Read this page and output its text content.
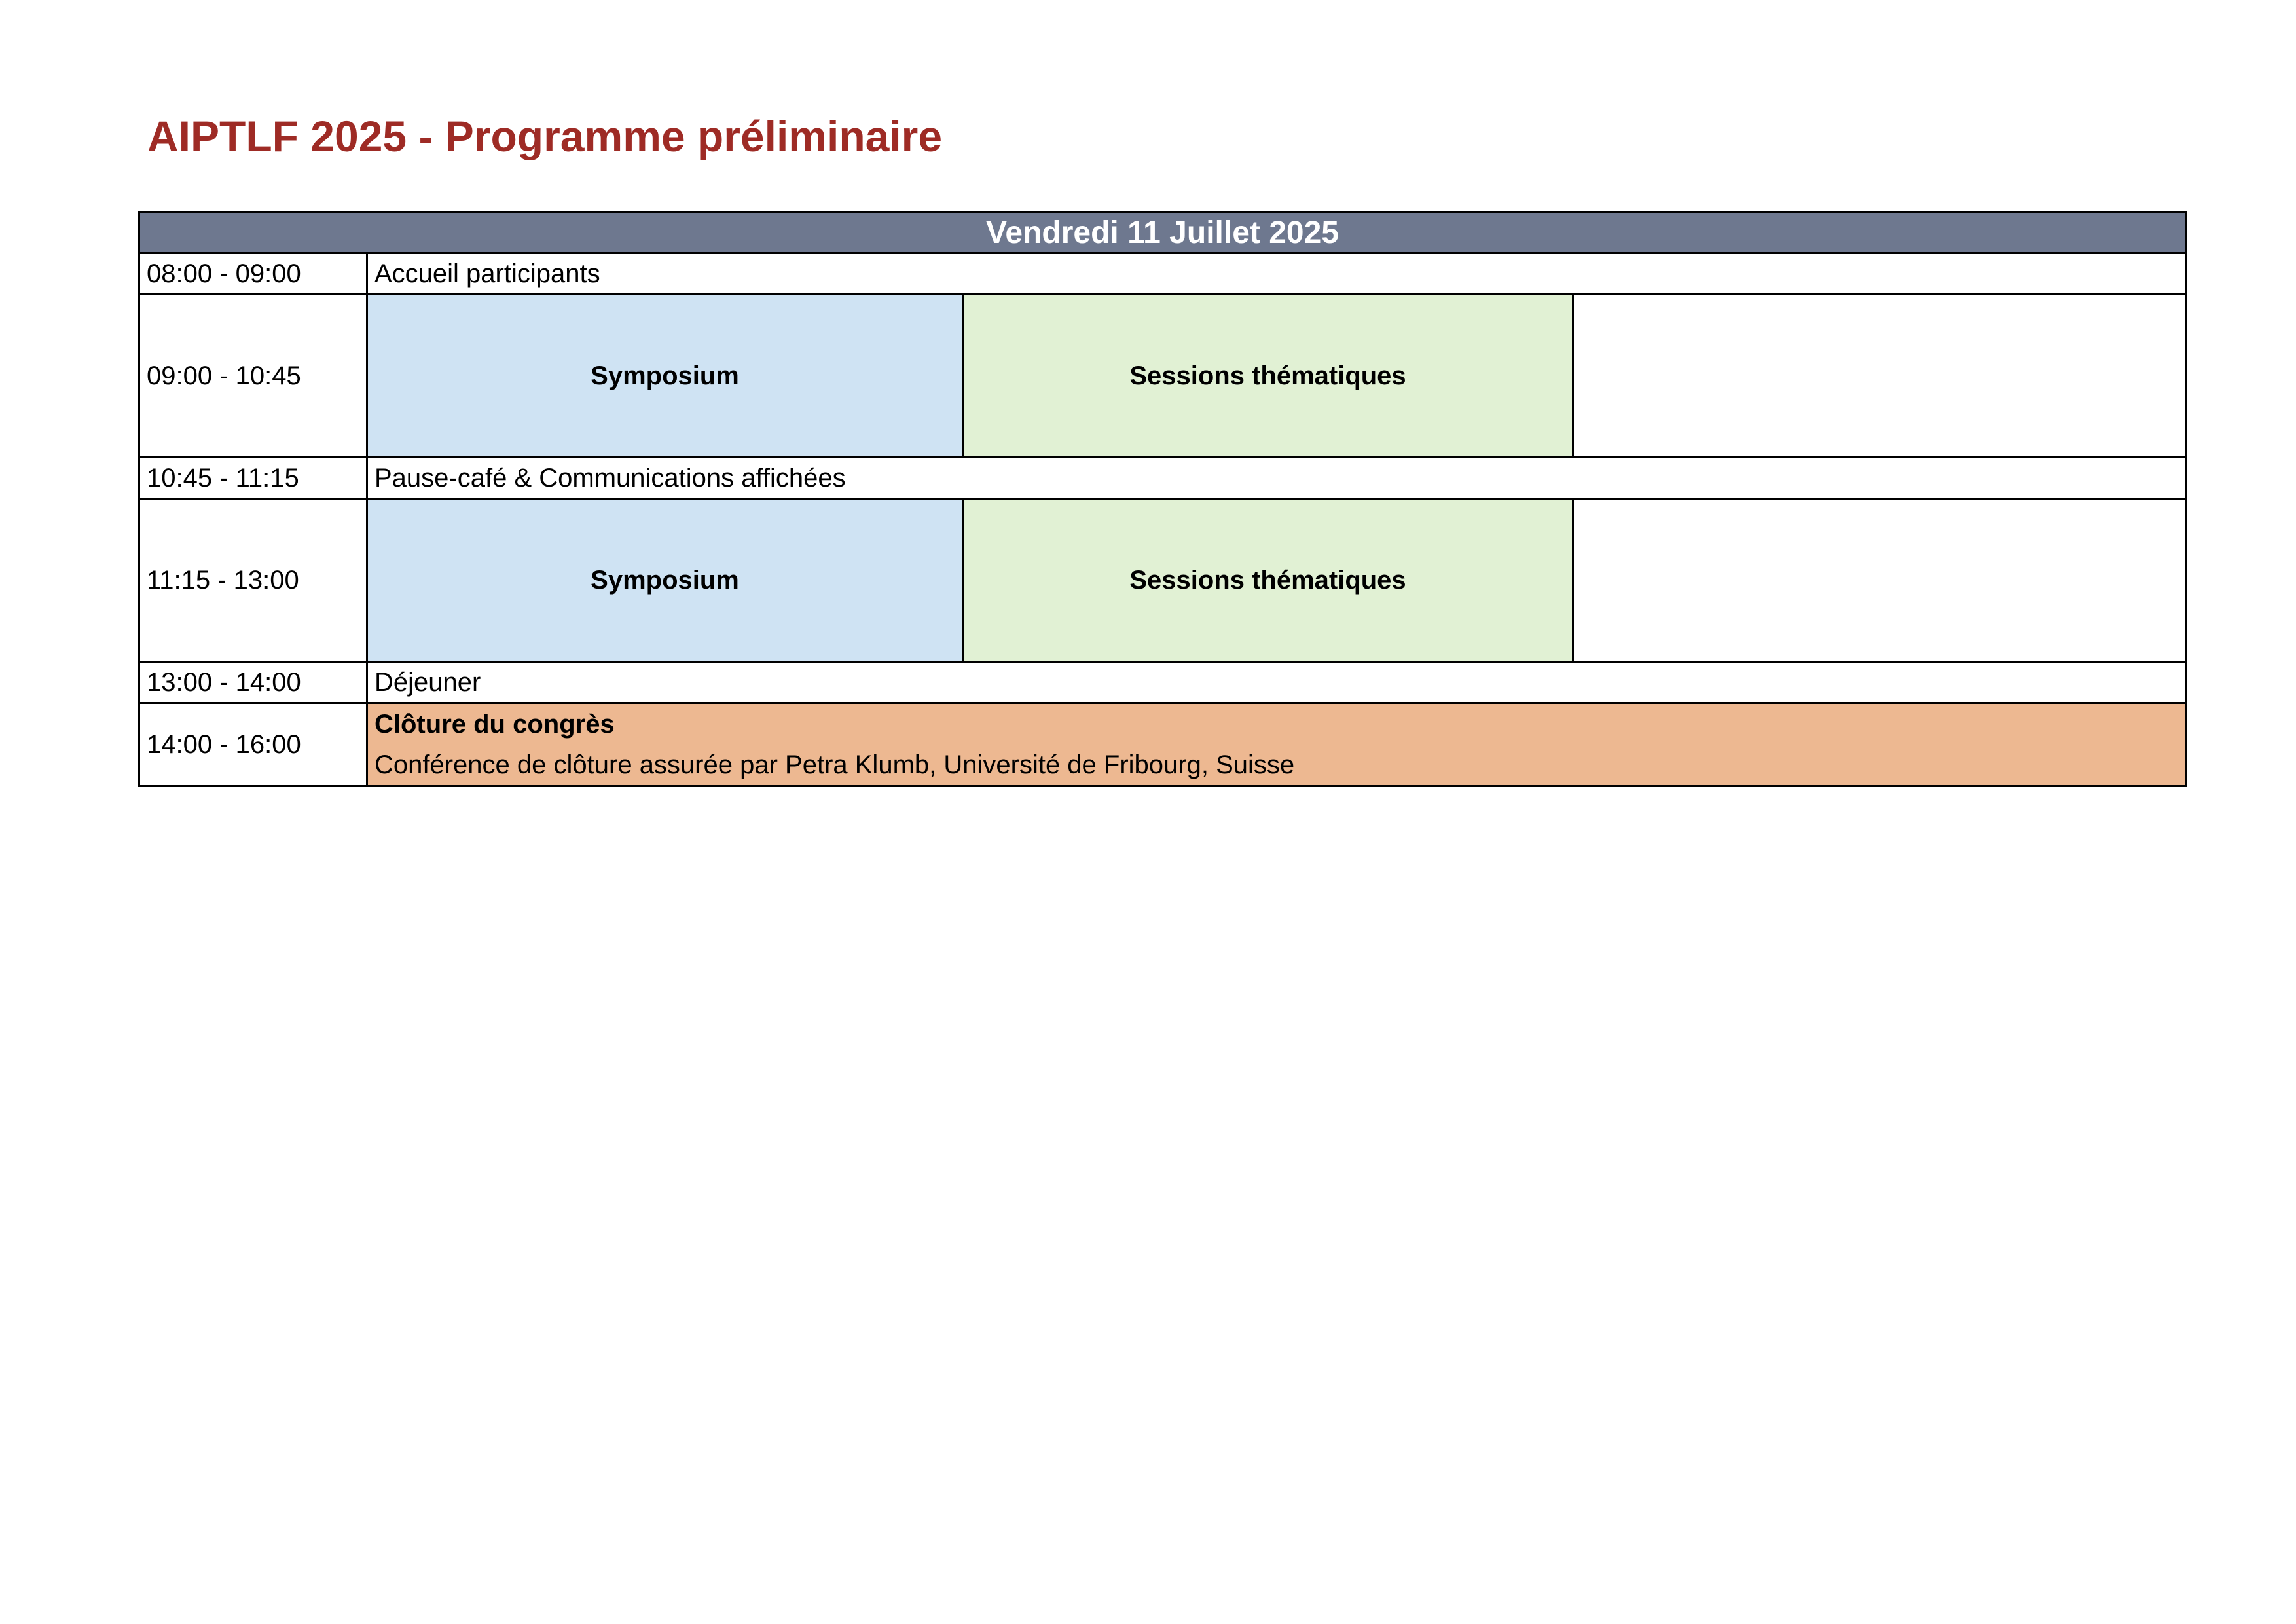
AIPTLF 2025 - Programme préliminaire
Vendredi 11 Juillet 2025			
08:00 - 09:00	Accueil participants		
09:00 - 10:45	Symposium	Sessions thématiques	
10:45 - 11:15	Pause-café & Communications affichées		
11:15 - 13:00	Symposium	Sessions thématiques	
13:00 - 14:00	Déjeuner		
14:00 - 16:00	Clôture du congrès
Conférence de clôture assurée par Petra Klumb, Université de Fribourg, Suisse		
